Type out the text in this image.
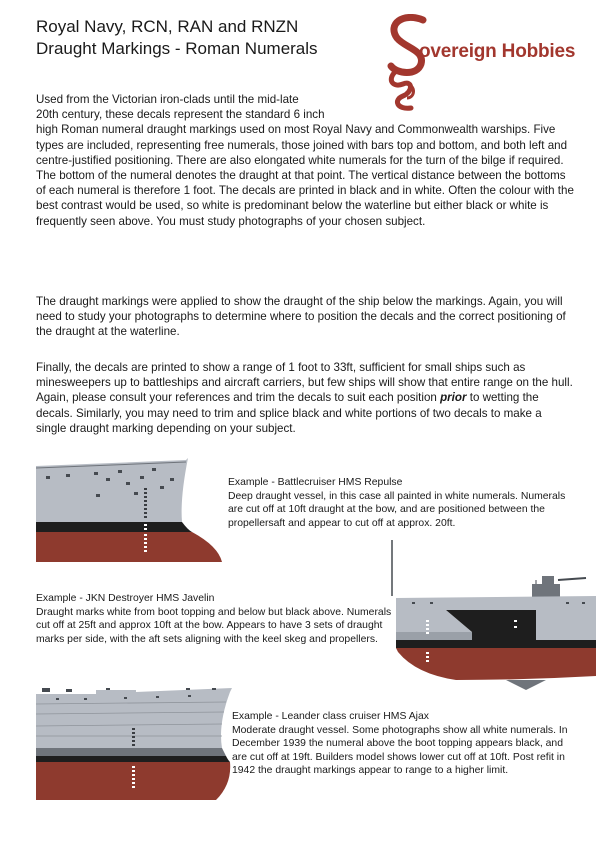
Royal Navy, RCN, RAN and RNZN
Draught Markings - Roman Numerals	overeign Hobbies

Used from the Victorian iron-clads until the mid-late
20th century, these decals represent the standard 6 inch
high Roman numeral draught markings used on most Royal Navy and Commonwealth warships. Five types are included, representing free numerals, those joined with bars top and bottom, and both left and centre-justified positioning. There are also elongated white numerals for the turn of the bilge if required. The bottom of the numeral denotes the draught at that point. The vertical distance between the bottoms of each numeral is therefore 1 foot. The decals are printed in black and in white. Often the colour with the best contrast would be used, so white is predominant below the waterline but either black or white is frequently seen above. You must study photographs of your chosen subject.

The draught markings were applied to show the draught of the ship below the markings. Again, you will need to study your photographs to determine where to position the decals and the correct positioning of the draught at the waterline.

Finally, the decals are printed to show a range of 1 foot to 33ft, sufficient for small ships such as minesweepers up to battleships and aircraft carriers, but few ships will show that entire range on the hull. Again, please consult your references and trim the decals to suit each position prior to wetting the decals. Similarly, you may need to trim and splice black and white portions of two decals to make a single draught marking depending on your subject.

Example - Battlecruiser HMS Repulse
Deep draught vessel, in this case all painted in white numerals. Numerals are cut off at 10ft draught at the bow, and are positioned between the propellersaft and appear to cut off at approx. 20ft.

Example - JKN Destroyer HMS Javelin
Draught marks white from boot topping and below but black above. Numerals cut off at 25ft and approx 10ft at the bow. Appears to have 3 sets of draught marks per side, with the aft sets aligning with the keel skeg and propellers.

Example - Leander class cruiser HMS Ajax
Moderate draught vessel. Some photographs show all white numerals. In December 1939 the numeral above the boot topping appears black, and are cut off at 19ft. Builders model shows lower cut off at 10ft. Post refit in 1942 the draught markings appear to range to a higher limit.
